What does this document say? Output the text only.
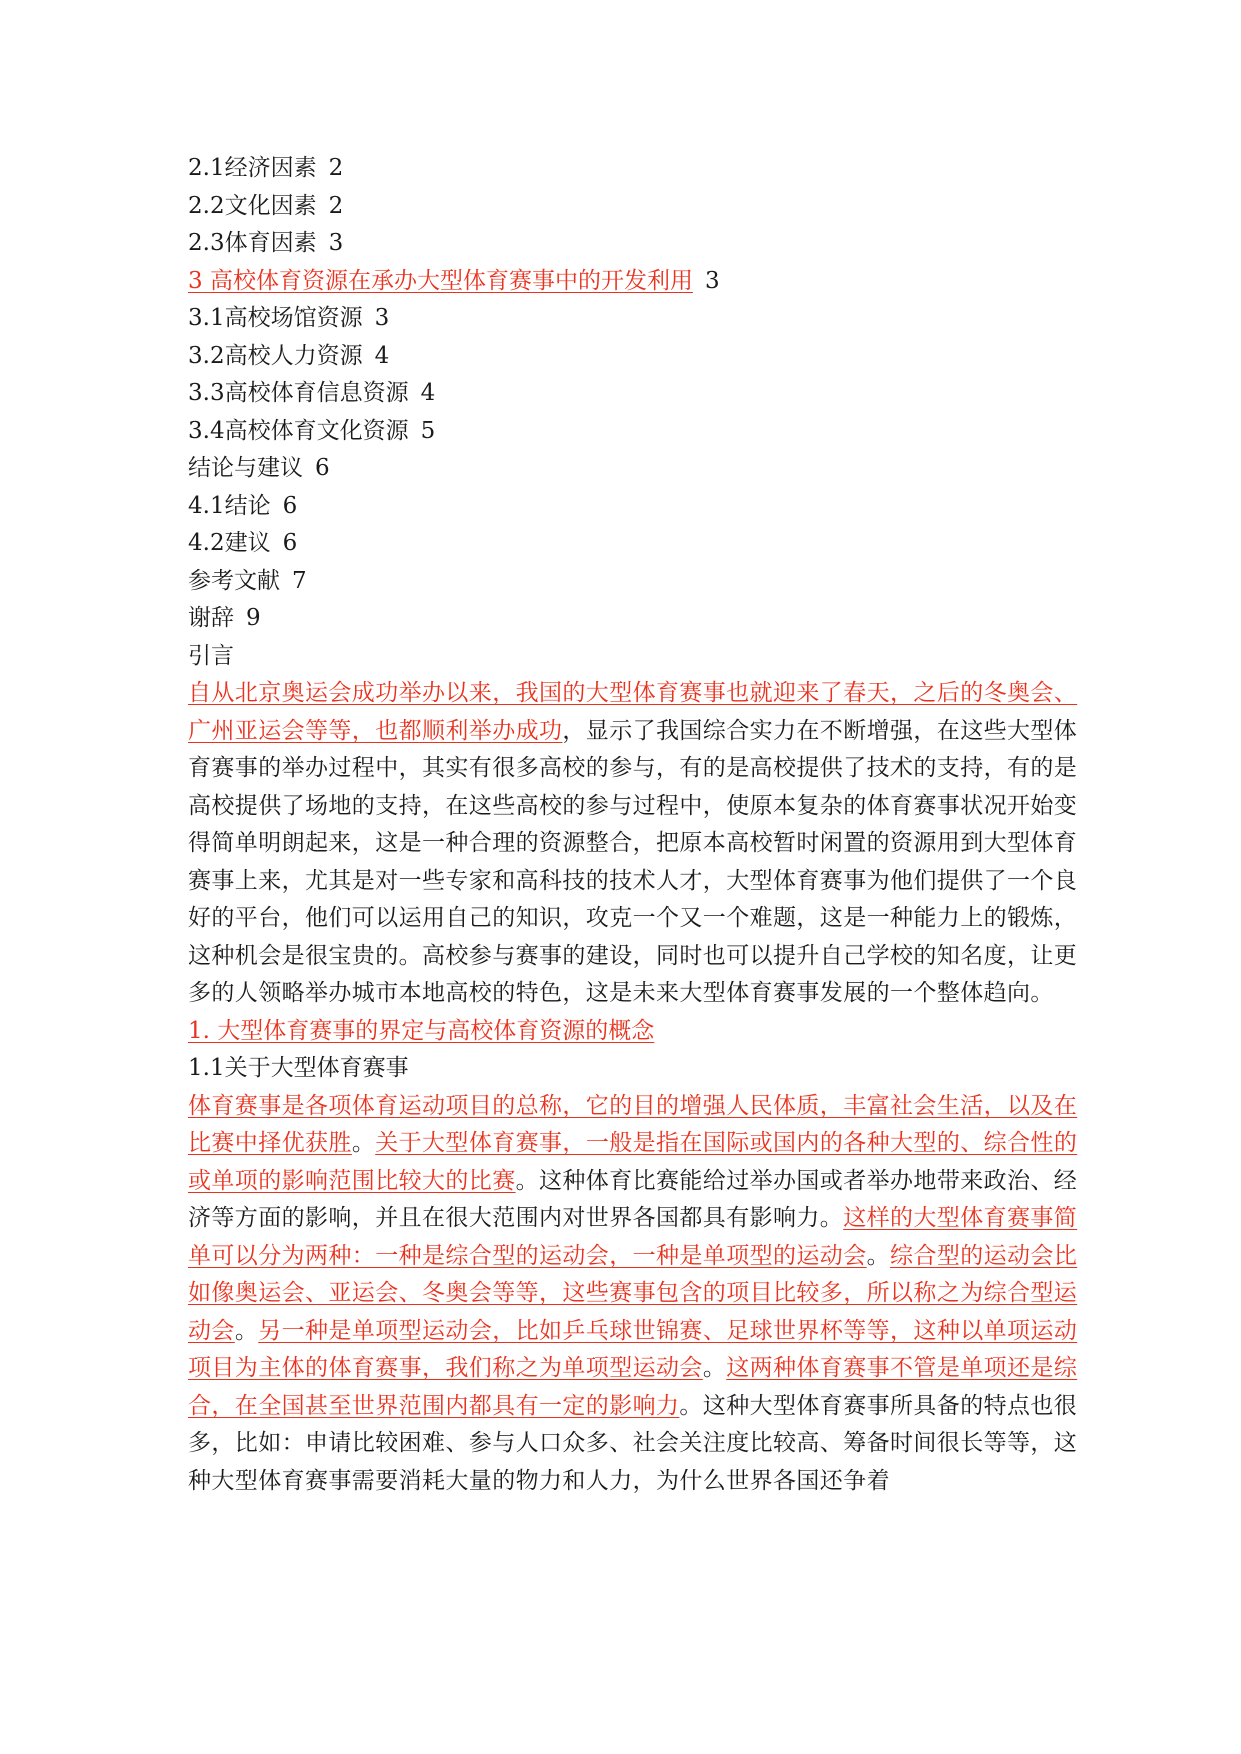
2.1经济因素 2
2.2文化因素 2
2.3体育因素 3
3 高校体育资源在承办大型体育赛事中的开发利用 3
3.1高校场馆资源 3
3.2高校人力资源 4
3.3高校体育信息资源 4
3.4高校体育文化资源 5
结论与建议 6
4.1结论 6
4.2建议 6
参考文献 7
谢辞 9
引言

自从北京奥运会成功举办以来，我国的大型体育赛事也就迎来了春天，之后的冬奥会、广州亚运会等等，也都顺利举办成功，显示了我国综合实力在不断增强，在这些大型体育赛事的举办过程中，其实有很多高校的参与，有的是高校提供了技术的支持，有的是高校提供了场地的支持，在这些高校的参与过程中，使原本复杂的体育赛事状况开始变得简单明朗起来，这是一种合理的资源整合，把原本高校暂时闲置的资源用到大型体育赛事上来，尤其是对一些专家和高科技的技术人才，大型体育赛事为他们提供了一个良好的平台，他们可以运用自己的知识，攻克一个又一个难题，这是一种能力上的锻炼，这种机会是很宝贵的。高校参与赛事的建设，同时也可以提升自己学校的知名度，让更多的人领略举办城市本地高校的特色，这是未来大型体育赛事发展的一个整体趋向。

1. 大型体育赛事的界定与高校体育资源的概念
1.1关于大型体育赛事

体育赛事是各项体育运动项目的总称，它的目的增强人民体质，丰富社会生活，以及在比赛中择优获胜。关于大型体育赛事，一般是指在国际或国内的各种大型的、综合性的或单项的影响范围比较大的比赛。这种体育比赛能给过举办国或者举办地带来政治、经济等方面的影响，并且在很大范围内对世界各国都具有影响力。这样的大型体育赛事简单可以分为两种：一种是综合型的运动会，一种是单项型的运动会。综合型的运动会比如像奥运会、亚运会、冬奥会等等，这些赛事包含的项目比较多，所以称之为综合型运动会。另一种是单项型运动会，比如乒乓球世锦赛、足球世界杯等等，这种以单项运动项目为主体的体育赛事，我们称之为单项型运动会。这两种体育赛事不管是单项还是综合，在全国甚至世界范围内都具有一定的影响力。这种大型体育赛事所具备的特点也很多，比如：申请比较困难、参与人口众多、社会关注度比较高、筹备时间很长等等，这种大型体育赛事需要消耗大量的物力和人力，为什么世界各国还争着
